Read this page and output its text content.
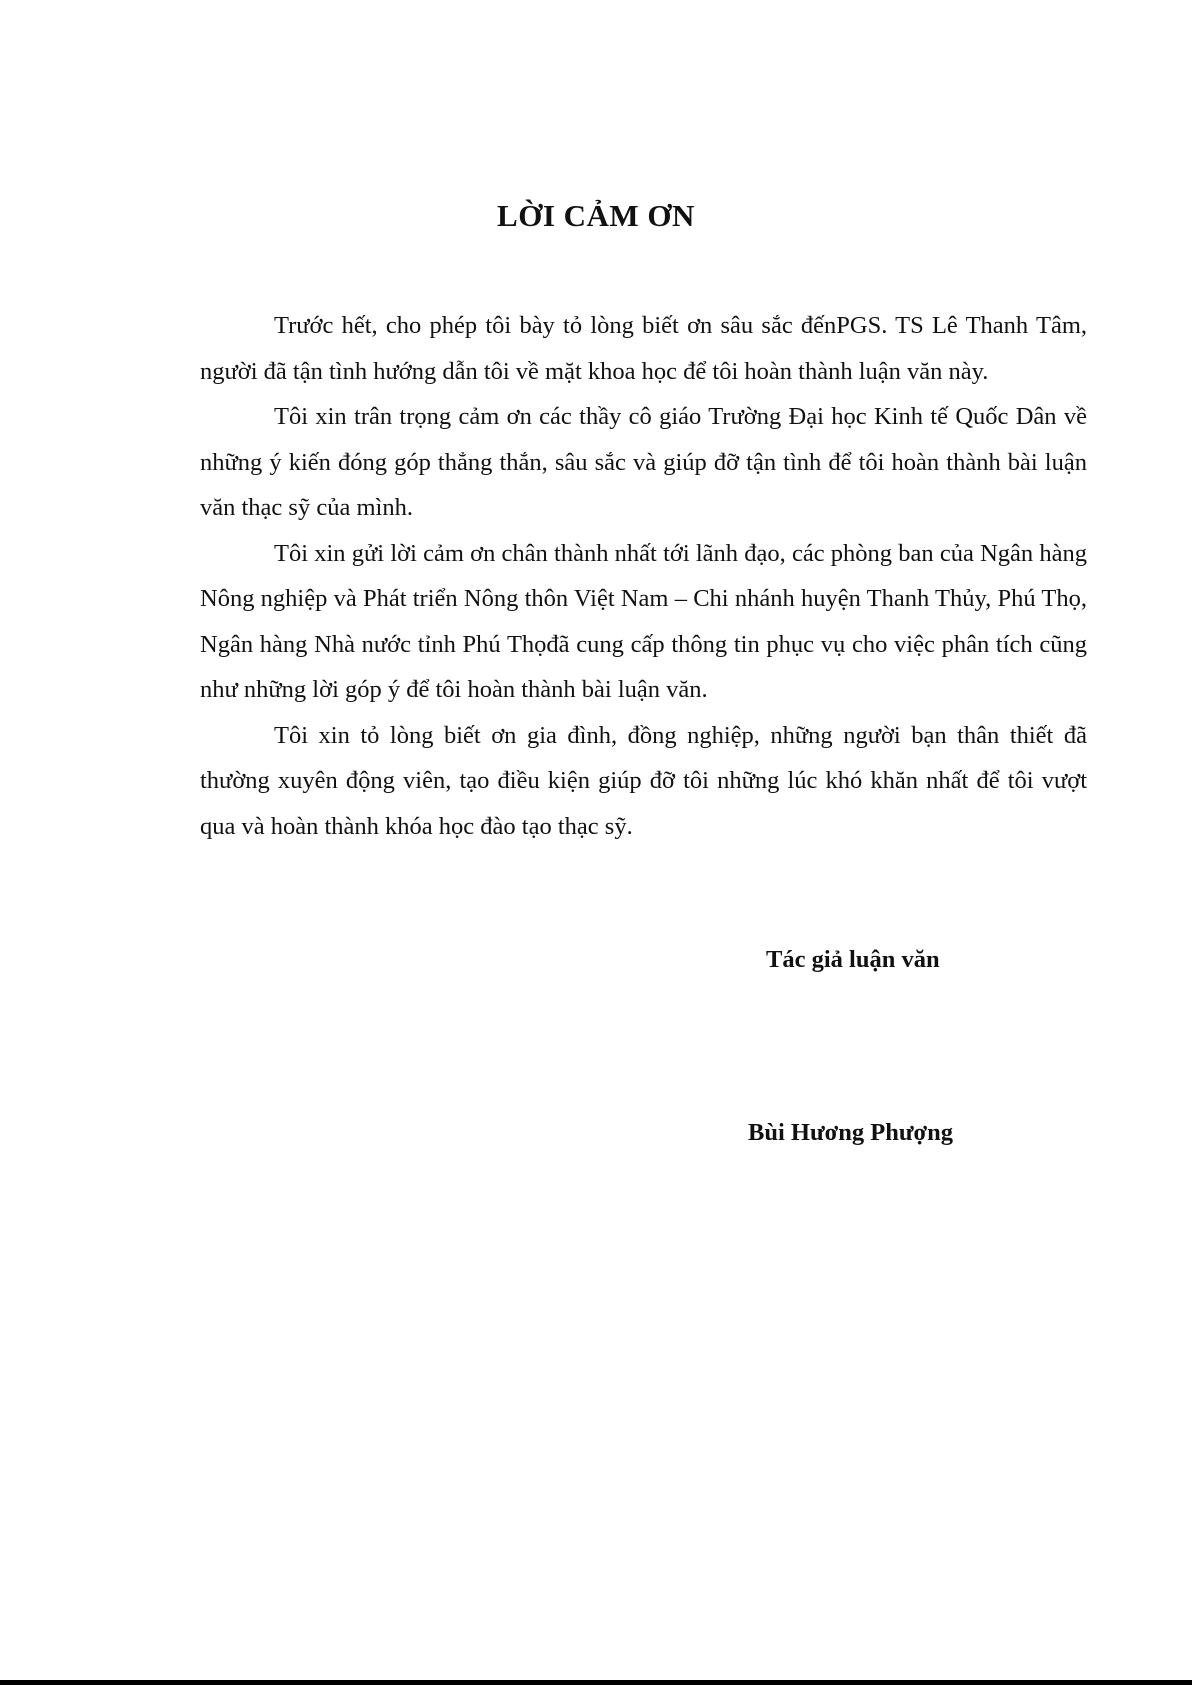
LỜI CẢM ƠN

Trước hết, cho phép tôi bày tỏ lòng biết ơn sâu sắc đếnPGS. TS Lê Thanh Tâm, người đã tận tình hướng dẫn tôi về mặt khoa học để tôi hoàn thành luận văn này.

Tôi xin trân trọng cảm ơn các thầy cô giáo Trường Đại học Kinh tế Quốc Dân về những ý kiến đóng góp thẳng thắn, sâu sắc và giúp đỡ tận tình để tôi hoàn thành bài luận văn thạc sỹ của mình.

Tôi xin gửi lời cảm ơn chân thành nhất tới lãnh đạo, các phòng ban của Ngân hàng Nông nghiệp và Phát triển Nông thôn Việt Nam – Chi nhánh huyện Thanh Thủy, Phú Thọ, Ngân hàng Nhà nước tỉnh Phú Thọđã cung cấp thông tin phục vụ cho việc phân tích cũng như những lời góp ý để tôi hoàn thành bài luận văn.

Tôi xin tỏ lòng biết ơn gia đình, đồng nghiệp, những người bạn thân thiết đã thường xuyên động viên, tạo điều kiện giúp đỡ tôi những lúc khó khăn nhất để tôi vượt qua và hoàn thành khóa học đào tạo thạc sỹ.

Tác giả luận văn
Bùi Hương Phượng
